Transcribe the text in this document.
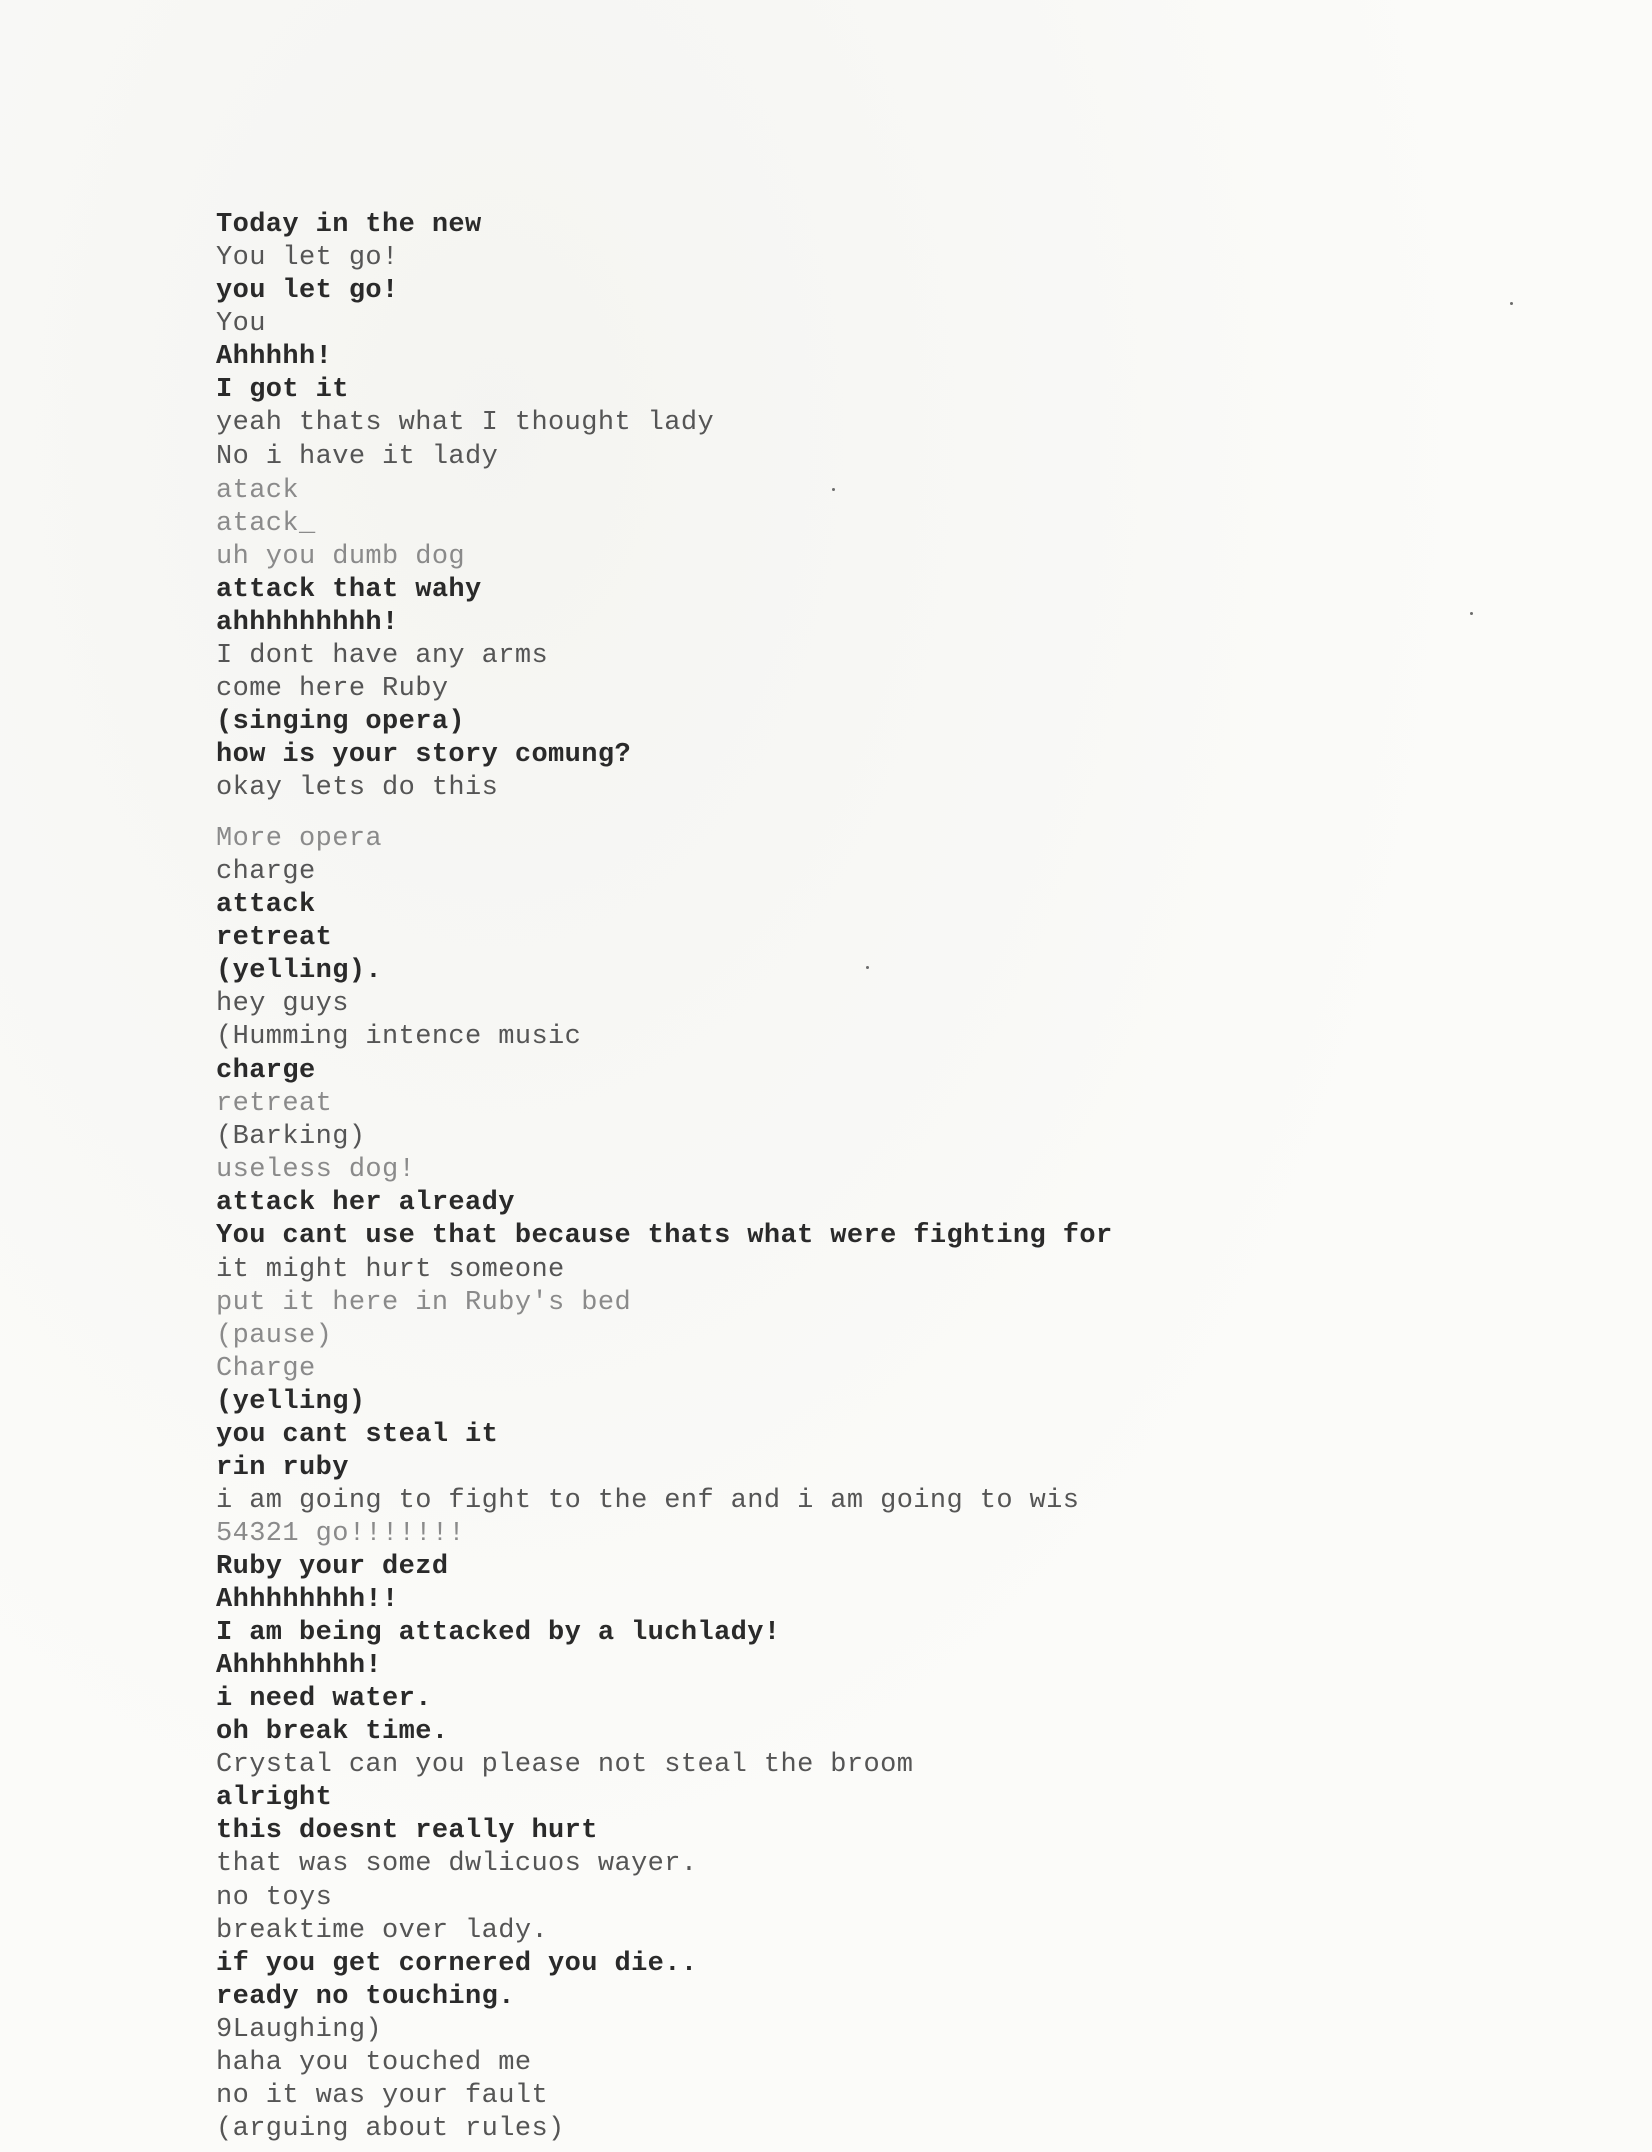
Today in the new
You let go!
you let go!
You
Ahhhhh!
I got it
yeah thats what I thought lady
No i have it lady
atack
atack_
uh you dumb dog
attack that wahy
ahhhhhhhhh!
I dont have any arms
come here Ruby
(singing opera)
how is your story comung?
okay lets do this
More opera
charge
attack
retreat
(yelling).
hey guys
(Humming intence music
charge
retreat
(Barking)
useless dog!
attack her already
You cant use that because thats what were fighting for
it might hurt someone
put it here in Ruby's bed
(pause)
Charge
(yelling)
you cant steal it
rin ruby
i am going to fight to the enf and i am going to wis
54321 go!!!!!!!
Ruby your dezd
Ahhhhhhhh!!
I am being attacked by a luchlady!
Ahhhhhhhh!
i need water.
oh break time.
Crystal can you please not steal the broom
alright
this doesnt really hurt
that was some dwlicuos wayer.
no toys
breaktime over lady.
if you get cornered you die..
ready no touching.
9Laughing)
haha you touched me
no it was your fault
(arguing about rules)
